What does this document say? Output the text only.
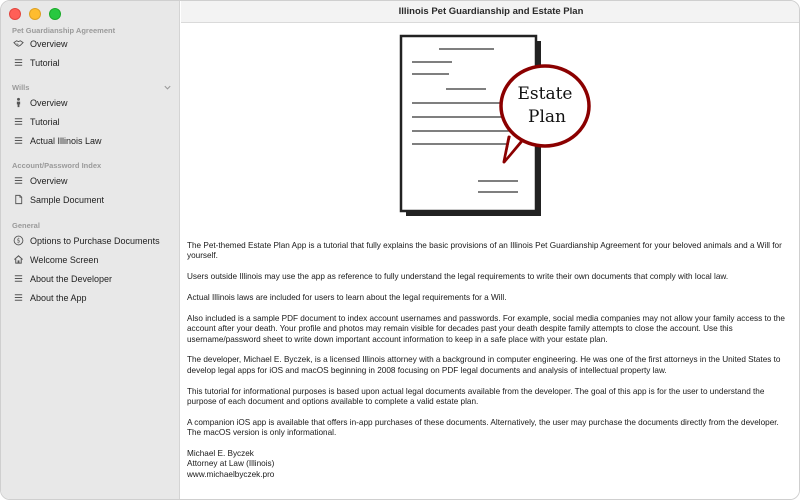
Pet Guardianship Agreement
Overview
Tutorial
Wills
Overview
Tutorial
Actual Illinois Law
Account/Password Index
Overview
Sample Document
General
$ Options to Purchase Documents
Welcome Screen
About the Developer
About the App
Illinois Pet Guardianship and Estate Plan
Estate
Plan

The Pet-themed Estate Plan App is a tutorial that fully explains the basic provisions of an Illinois Pet Guardianship Agreement for your beloved animals and a Will for yourself.

Users outside Illinois may use the app as reference to fully understand the legal requirements to write their own documents that comply with local law.

Actual Illinois laws are included for users to learn about the legal requirements for a Will.

Also included is a sample PDF document to index account usernames and passwords. For example, social media companies may not allow your family access to the account after your death. Your profile and photos may remain visible for decades past your death despite family attempts to close the account. Use this username/password sheet to write down important account information to keep in a safe place with your estate plan.

The developer, Michael E. Byczek, is a licensed Illinois attorney with a background in computer engineering. He was one of the first attorneys in the United States to develop legal apps for iOS and macOS beginning in 2008 focusing on PDF legal documents and analysis of intellectual property law.

This tutorial for informational purposes is based upon actual legal documents available from the developer. The goal of this app is for the user to understand the purpose of each document and options available to complete a valid estate plan.

A companion iOS app is available that offers in-app purchases of these documents. Alternatively, the user may purchase the documents directly from the developer. The macOS version is only informational.

Michael E. Byczek

Attorney at Law (Illinois)

www.michaelbyczek.pro
